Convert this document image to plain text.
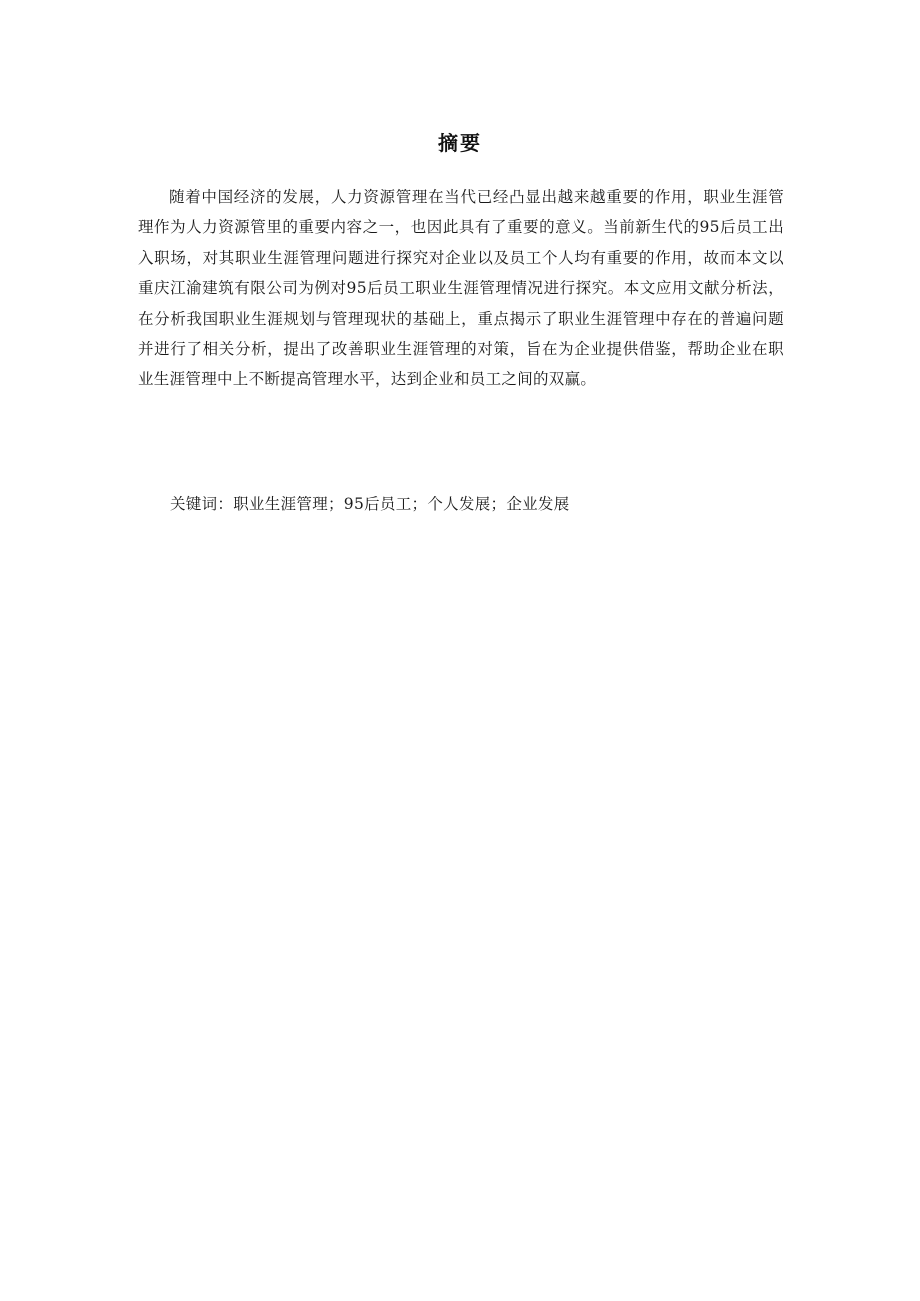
摘要

随着中国经济的发展，人力资源管理在当代已经凸显出越来越重要的作用，职业生涯管理作为人力资源管里的重要内容之一，也因此具有了重要的意义。当前新生代的95后员工出入职场，对其职业生涯管理问题进行探究对企业以及员工个人均有重要的作用，故而本文以重庆江渝建筑有限公司为例对95后员工职业生涯管理情况进行探究。本文应用文献分析法，在分析我国职业生涯规划与管理现状的基础上，重点揭示了职业生涯管理中存在的普遍问题并进行了相关分析，提出了改善职业生涯管理的对策，旨在为企业提供借鉴，帮助企业在职业生涯管理中上不断提高管理水平，达到企业和员工之间的双赢。

关键词：职业生涯管理；95后员工；个人发展；企业发展
